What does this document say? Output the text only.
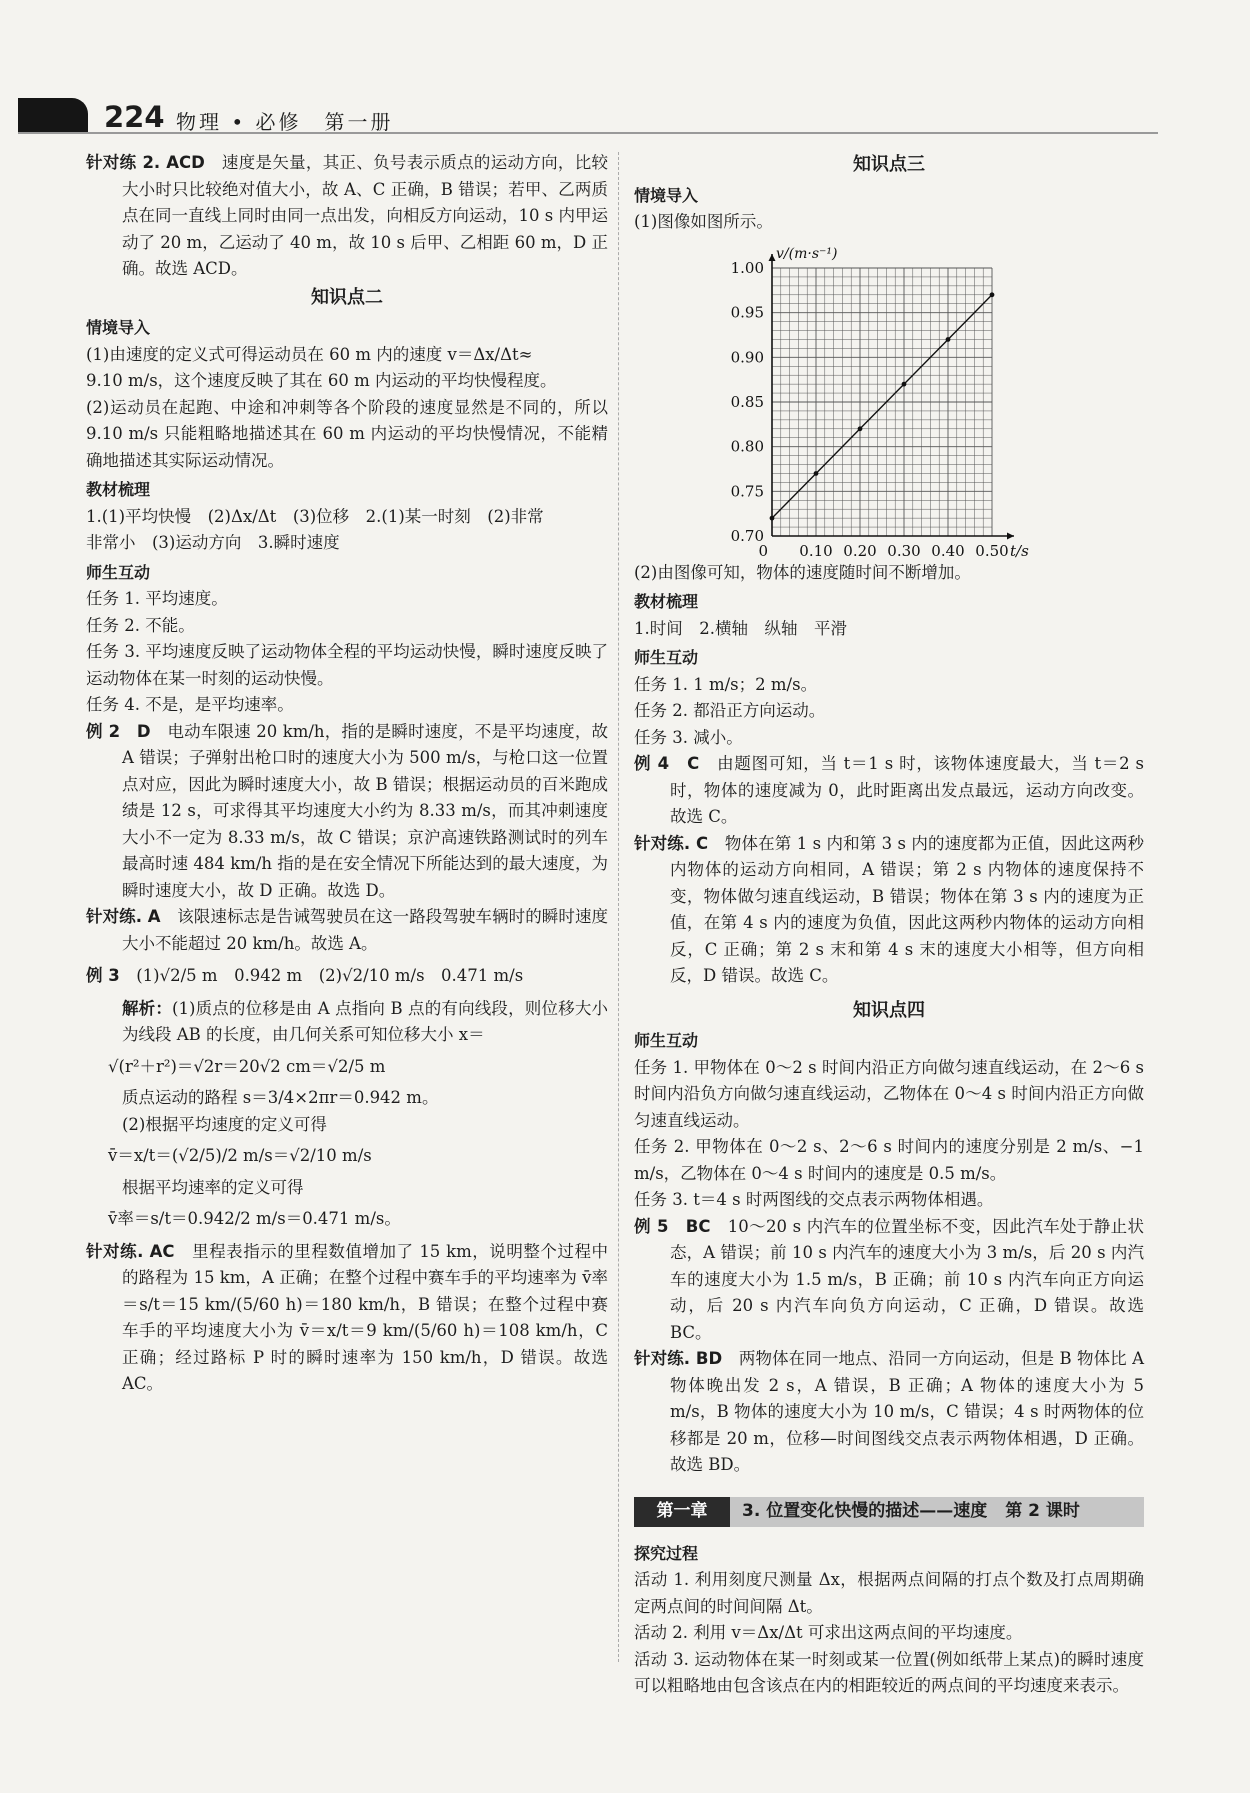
224 物理 • 必修　第一册

针对练 2. ACD　 速度是矢量，其正、负号表示质点的运动方向，比较大小时只比较绝对值大小，故 A、C 正确，B 错误；若甲、乙两质点在同一直线上同时由同一点出发，向相反方向运动，10 s 内甲运动了 20 m，乙运动了 40 m，故 10 s 后甲、乙相距 60 m，D 正确。故选 ACD。

知识点二

情境导入

(1)由速度的定义式可得运动员在 60 m 内的速度 v＝Δx/Δt≈

9.10 m/s，这个速度反映了其在 60 m 内运动的平均快慢程度。

(2)运动员在起跑、中途和冲刺等各个阶段的速度显然是不同的，所以 9.10 m/s 只能粗略地描述其在 60 m 内运动的平均快慢情况，不能精确地描述其实际运动情况。

教材梳理

1.(1)平均快慢　(2)Δx/Δt　(3)位移　2.(1)某一时刻　(2)非常

非常小　(3)运动方向　3.瞬时速度

师生互动

任务 1. 平均速度。

任务 2. 不能。

任务 3. 平均速度反映了运动物体全程的平均运动快慢，瞬时速度反映了运动物体在某一时刻的运动快慢。

任务 4. 不是，是平均速率。

例 2　D　 电动车限速 20 km/h，指的是瞬时速度，不是平均速度，故 A 错误；子弹射出枪口时的速度大小为 500 m/s，与枪口这一位置点对应，因此为瞬时速度大小，故 B 错误；根据运动员的百米跑成绩是 12 s，可求得其平均速度大小约为 8.33 m/s，而其冲刺速度大小不一定为 8.33 m/s，故 C 错误；京沪高速铁路测试时的列车最高时速 484 km/h 指的是在安全情况下所能达到的最大速度，为瞬时速度大小，故 D 正确。故选 D。

针对练. A　 该限速标志是告诫驾驶员在这一路段驾驶车辆时的瞬时速度大小不能超过 20 km/h。故选 A。

例 3　 (1)√2/5 m　0.942 m　(2)√2/10 m/s　0.471 m/s

解析：(1)质点的位移是由 A 点指向 B 点的有向线段，则位移大小为线段 AB 的长度，由几何关系可知位移大小 x＝

√(r²＋r²)＝√2r＝20√2 cm＝√2/5 m

质点运动的路程 s＝3/4×2πr＝0.942 m。

(2)根据平均速度的定义可得

v̄＝x/t＝(√2/5)/2 m/s＝√2/10 m/s

根据平均速率的定义可得

v̄率＝s/t＝0.942/2 m/s＝0.471 m/s。

针对练. AC　 里程表指示的里程数值增加了 15 km，说明整个过程中的路程为 15 km，A 正确；在整个过程中赛车手的平均速率为 v̄率＝s/t＝15 km/(5/60 h)＝180 km/h，B 错误；在整个过程中赛车手的平均速度大小为 v̄＝x/t＝9 km/(5/60 h)＝108 km/h，C 正确；经过路标 P 时的瞬时速率为 150 km/h，D 错误。故选 AC。

知识点三

情境导入

(1)图像如图所示。

0.70
0.75
0.80
0.85
0.90
0.95
1.00
0.10 0.20 0.30 0.40 0.50
0
v/(m·s⁻¹)
t/s

(2)由图像可知，物体的速度随时间不断增加。

教材梳理

1.时间　2.横轴　纵轴　平滑

师生互动

任务 1. 1 m/s；2 m/s。

任务 2. 都沿正方向运动。

任务 3. 减小。

例 4　C　 由题图可知，当 t＝1 s 时，该物体速度最大，当 t＝2 s 时，物体的速度减为 0，此时距离出发点最远，运动方向改变。故选 C。

针对练. C　 物体在第 1 s 内和第 3 s 内的速度都为正值，因此这两秒内物体的运动方向相同，A 错误；第 2 s 内物体的速度保持不变，物体做匀速直线运动，B 错误；物体在第 3 s 内的速度为正值，在第 4 s 内的速度为负值，因此这两秒内物体的运动方向相反，C 正确；第 2 s 末和第 4 s 末的速度大小相等，但方向相反，D 错误。故选 C。

知识点四

师生互动

任务 1. 甲物体在 0～2 s 时间内沿正方向做匀速直线运动，在 2～6 s 时间内沿负方向做匀速直线运动，乙物体在 0～4 s 时间内沿正方向做匀速直线运动。

任务 2. 甲物体在 0～2 s、2～6 s 时间内的速度分别是 2 m/s、−1 m/s，乙物体在 0～4 s 时间内的速度是 0.5 m/s。

任务 3. t＝4 s 时两图线的交点表示两物体相遇。

例 5　BC　 10～20 s 内汽车的位置坐标不变，因此汽车处于静止状态，A 错误；前 10 s 内汽车的速度大小为 3 m/s，后 20 s 内汽车的速度大小为 1.5 m/s，B 正确；前 10 s 内汽车向正方向运动，后 20 s 内汽车向负方向运动，C 正确，D 错误。故选 BC。

针对练. BD　 两物体在同一地点、沿同一方向运动，但是 B 物体比 A 物体晚出发 2 s，A 错误，B 正确；A 物体的速度大小为 5 m/s，B 物体的速度大小为 10 m/s，C 错误；4 s 时两物体的位移都是 20 m，位移—时间图线交点表示两物体相遇，D 正确。故选 BD。

第一章	3. 位置变化快慢的描述——速度 第 2 课时

探究过程

活动 1. 利用刻度尺测量 Δx，根据两点间隔的打点个数及打点周期确定两点间的时间间隔 Δt。

活动 2. 利用 v＝Δx/Δt 可求出这两点间的平均速度。

活动 3. 运动物体在某一时刻或某一位置(例如纸带上某点)的瞬时速度可以粗略地由包含该点在内的相距较近的两点间的平均速度来表示。
